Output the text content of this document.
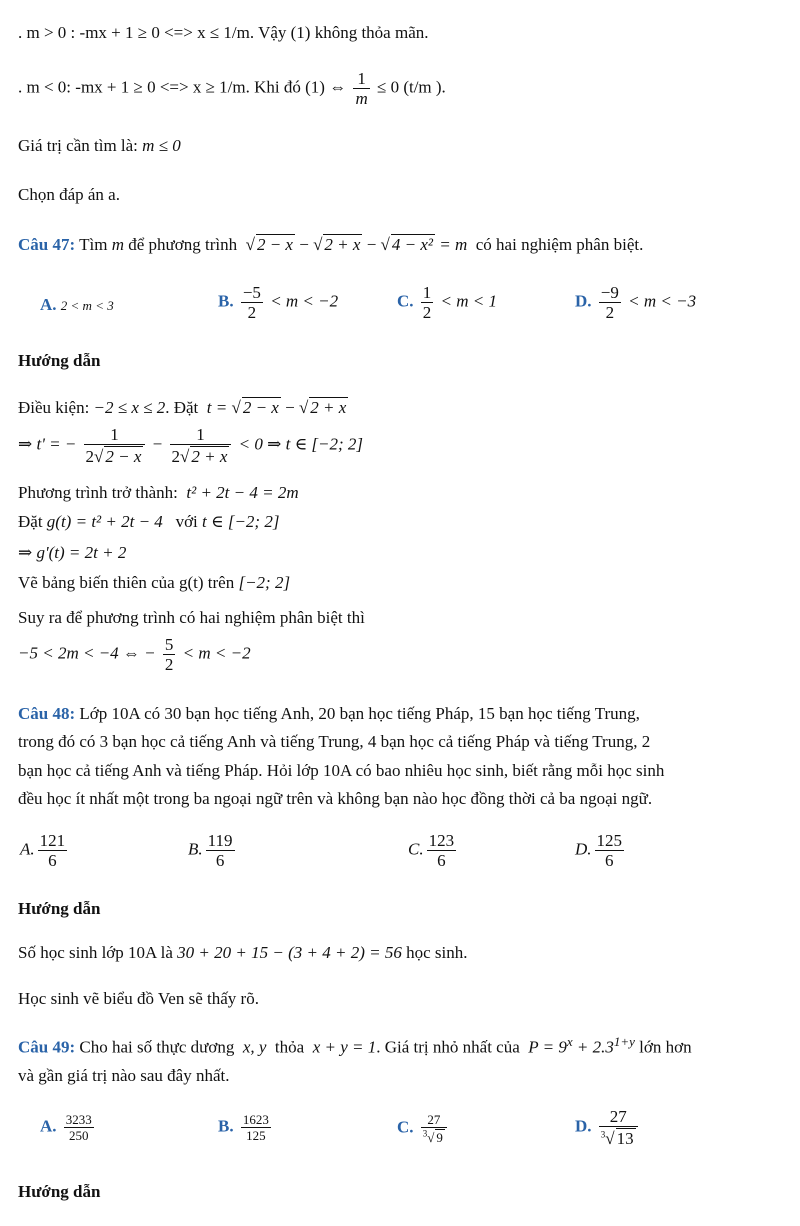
. m > 0 : -mx + 1 ≥ 0 <=> x ≤ 1/m. Vậy (1) không thỏa mãn.
. m < 0: -mx + 1 ≥ 0 <=> x ≥ 1/m. Khi đó (1) ⇔ $\frac{1}{m} \le 0$ (t/m ).
Giá trị cần tìm là: m ≤ 0
Chọn đáp án a.
Câu 47: Tìm m để phương trình √ 2 − x − √ 2 + x − √ 4 − x² = m có hai nghiệm phân biệt.
A. 2 < m < 3	B. $\frac{-5}{2} < m < -2$	C. $\frac{1}{2} < m < 1$	D. $\frac{-9}{2} < m < -3$
Hướng dẫn
Điều kiện: −2 ≤ x ≤ 2. Đặt t = √ 2 − x − √ 2 + x
⇒ t' = − $\frac{1}{2√ 2 - x} - \frac{1}{2√ 2 + x} < 0$ ⇒ t ∈ [−2; 2]
Phương trình trở thành: t² + 2t − 4 = 2m
Đặt g(t) = t² + 2t − 4 với t ∈ [−2; 2]
⇒ g'(t) = 2t + 2
Vẽ bảng biến thiên của g(t) trên [−2; 2]
Suy ra để phương trình có hai nghiệm phân biệt thì
−5 < 2m < −4 ⇔ − $\frac{5}{2} < m < -2$
Câu 48: Lớp 10A có 30 bạn học tiếng Anh, 20 bạn học tiếng Pháp, 15 bạn học tiếng Trung,
trong đó có 3 bạn học cả tiếng Anh và tiếng Trung, 4 bạn học cả tiếng Pháp và tiếng Trung, 2
bạn học cả tiếng Anh và tiếng Pháp. Hỏi lớp 10A có bao nhiêu học sinh, biết rằng mỗi học sinh
đều học ít nhất một trong ba ngoại ngữ trên và không bạn nào học đồng thời cả ba ngoại ngữ.
A. $\frac{121}{6}$	B. $\frac{119}{6}$	C. $\frac{123}{6}$	D. $\frac{125}{6}$
Hướng dẫn
Số học sinh lớp 10A là 30 + 20 + 15 − (3 + 4 + 2) = 56 học sinh.
Học sinh vẽ biểu đồ Ven sẽ thấy rõ.
Câu 49: Cho hai số thực dương x, y thỏa x + y = 1. Giá trị nhỏ nhất của $P = 9^x + 2.3^{1+y}$ lớn hơn
và gần giá trị nào sau đây nhất.
A. $\frac{3233}{250}$	B. $\frac{1623}{125}$	C. $\frac{27}{^3√ 9}$	D. $\frac{27}{^3√ 13}$
Hướng dẫn
